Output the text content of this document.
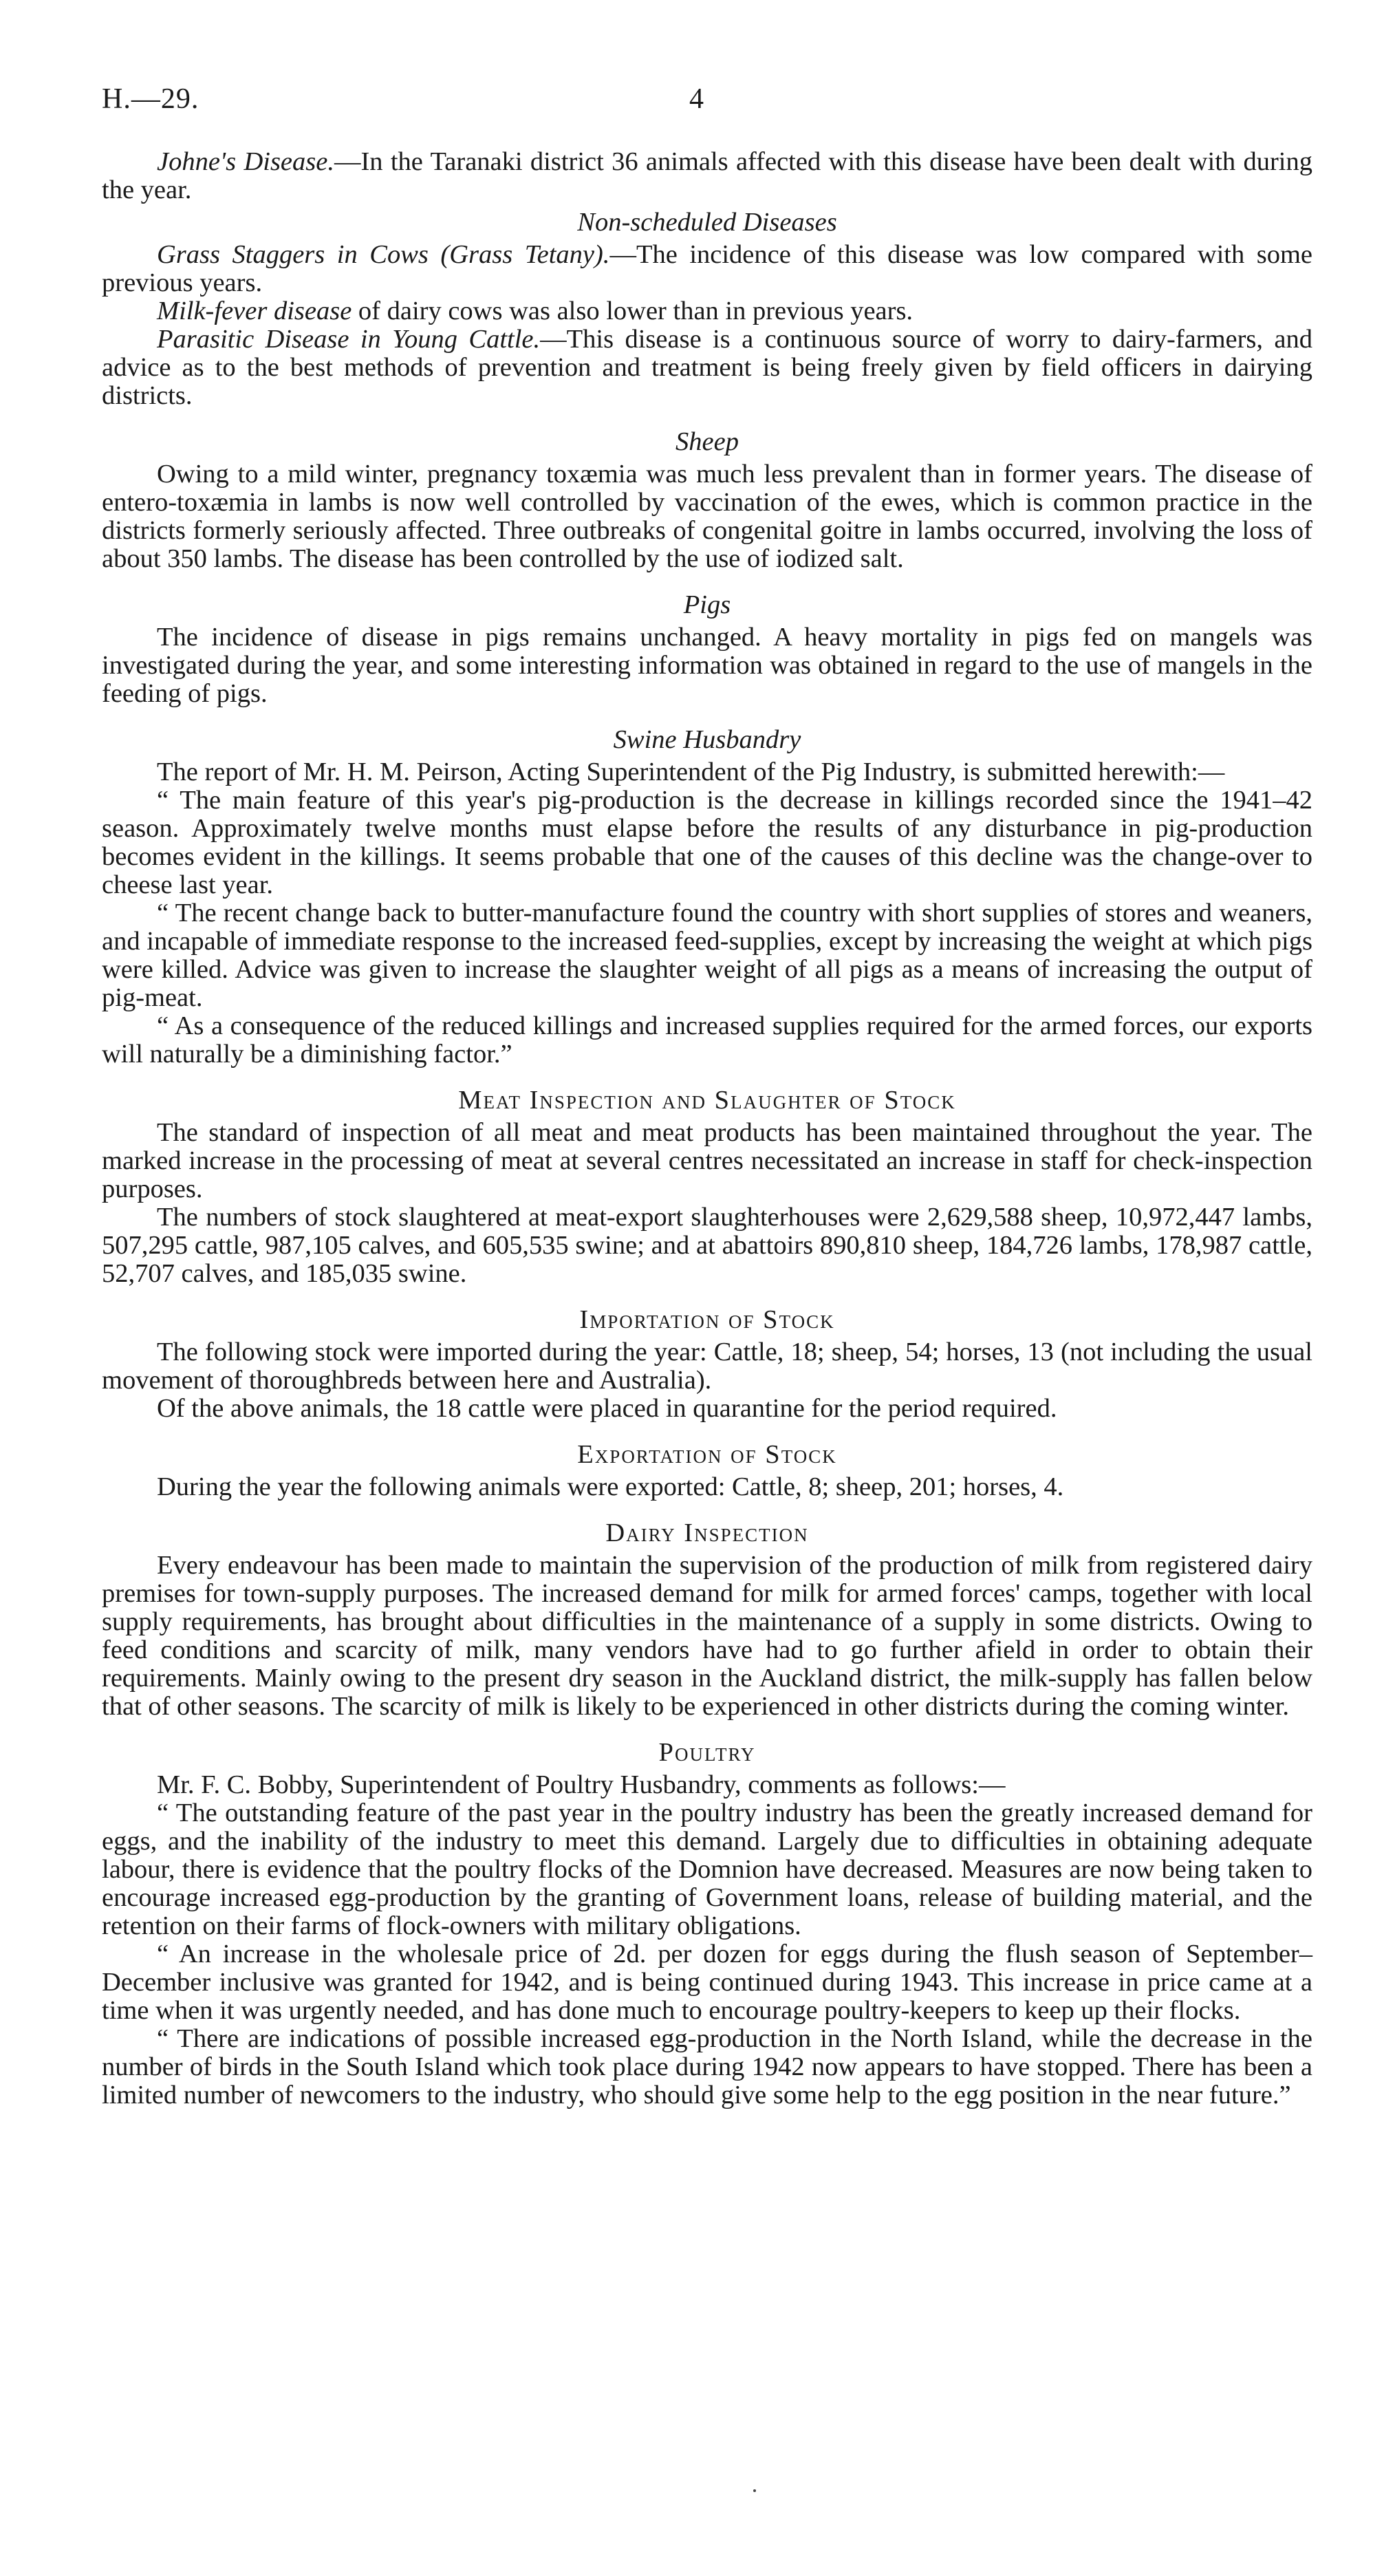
H.—29.	4

Johne's Disease.—In the Taranaki district 36 animals affected with this disease have been dealt with during the year.

Non-scheduled Diseases

Grass Staggers in Cows (Grass Tetany).—The incidence of this disease was low compared with some previous years.

Milk-fever disease of dairy cows was also lower than in previous years.

Parasitic Disease in Young Cattle.—This disease is a continuous source of worry to dairy-farmers, and advice as to the best methods of prevention and treatment is being freely given by field officers in dairying districts.

Sheep

Owing to a mild winter, pregnancy toxæmia was much less prevalent than in former years. The disease of entero-toxæmia in lambs is now well controlled by vaccination of the ewes, which is common practice in the districts formerly seriously affected. Three outbreaks of congenital goitre in lambs occurred, involving the loss of about 350 lambs. The disease has been controlled by the use of iodized salt.

Pigs

The incidence of disease in pigs remains unchanged. A heavy mortality in pigs fed on mangels was investigated during the year, and some interesting information was obtained in regard to the use of mangels in the feeding of pigs.

Swine Husbandry

The report of Mr. H. M. Peirson, Acting Superintendent of the Pig Industry, is submitted herewith:—

“ The main feature of this year's pig-production is the decrease in killings recorded since the 1941–42 season. Approximately twelve months must elapse before the results of any disturbance in pig-production becomes evident in the killings. It seems probable that one of the causes of this decline was the change-over to cheese last year.

“ The recent change back to butter-manufacture found the country with short supplies of stores and weaners, and incapable of immediate response to the increased feed-supplies, except by increasing the weight at which pigs were killed. Advice was given to increase the slaughter weight of all pigs as a means of increasing the output of pig-meat.

“ As a consequence of the reduced killings and increased supplies required for the armed forces, our exports will naturally be a diminishing factor.”

Meat Inspection and Slaughter of Stock

The standard of inspection of all meat and meat products has been maintained throughout the year. The marked increase in the processing of meat at several centres necessitated an increase in staff for check-inspection purposes.

The numbers of stock slaughtered at meat-export slaughterhouses were 2,629,588 sheep, 10,972,447 lambs, 507,295 cattle, 987,105 calves, and 605,535 swine; and at abattoirs 890,810 sheep, 184,726 lambs, 178,987 cattle, 52,707 calves, and 185,035 swine.

Importation of Stock

The following stock were imported during the year: Cattle, 18; sheep, 54; horses, 13 (not including the usual movement of thoroughbreds between here and Australia).

Of the above animals, the 18 cattle were placed in quarantine for the period required.

Exportation of Stock

During the year the following animals were exported: Cattle, 8; sheep, 201; horses, 4.

Dairy Inspection

Every endeavour has been made to maintain the supervision of the production of milk from registered dairy premises for town-supply purposes. The increased demand for milk for armed forces' camps, together with local supply requirements, has brought about difficulties in the maintenance of a supply in some districts. Owing to feed conditions and scarcity of milk, many vendors have had to go further afield in order to obtain their requirements. Mainly owing to the present dry season in the Auckland district, the milk-supply has fallen below that of other seasons. The scarcity of milk is likely to be experienced in other districts during the coming winter.

Poultry

Mr. F. C. Bobby, Superintendent of Poultry Husbandry, comments as follows:—

“ The outstanding feature of the past year in the poultry industry has been the greatly increased demand for eggs, and the inability of the industry to meet this demand. Largely due to difficulties in obtaining adequate labour, there is evidence that the poultry flocks of the Domnion have decreased. Measures are now being taken to encourage increased egg-production by the granting of Government loans, release of building material, and the retention on their farms of flock-owners with military obligations.

“ An increase in the wholesale price of 2d. per dozen for eggs during the flush season of September–December inclusive was granted for 1942, and is being continued during 1943. This increase in price came at a time when it was urgently needed, and has done much to encourage poultry-keepers to keep up their flocks.

“ There are indications of possible increased egg-production in the North Island, while the decrease in the number of birds in the South Island which took place during 1942 now appears to have stopped. There has been a limited number of newcomers to the industry, who should give some help to the egg position in the near future.”
